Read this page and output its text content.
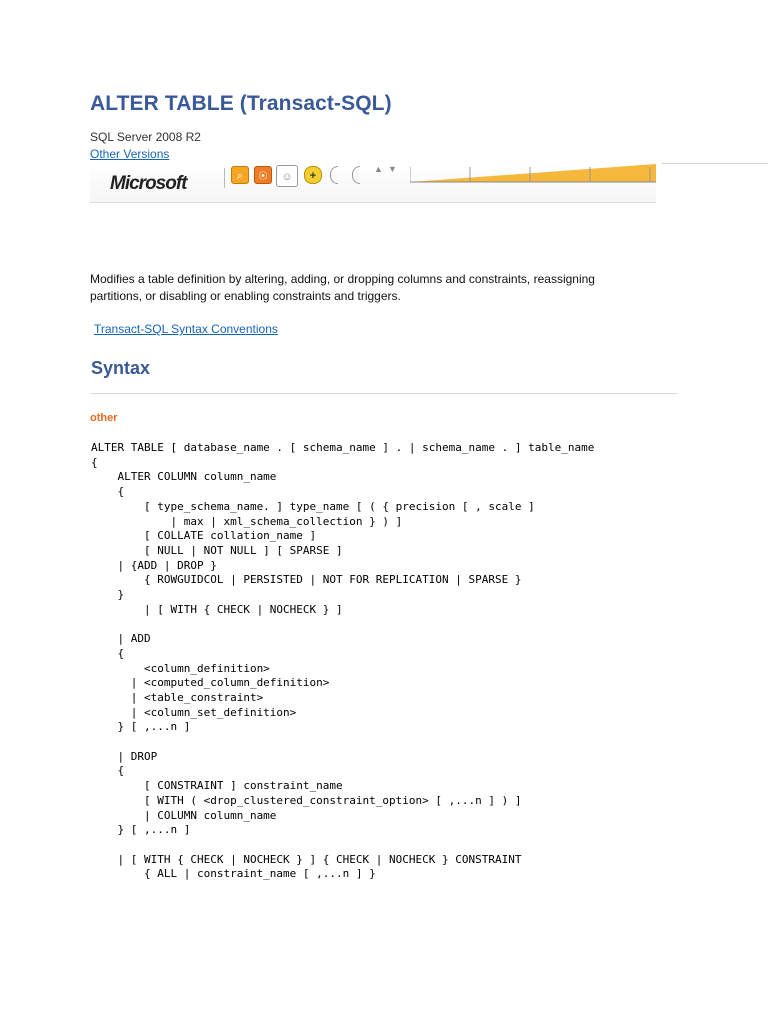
ALTER TABLE (Transact-SQL)
SQL Server 2008 R2
Other Versions
Microsoft	⌕	⦿	☺	+
▲ ▼

Modifies a table definition by altering, adding, or dropping columns and constraints, reassigning partitions, or disabling or enabling constraints and triggers.

Transact-SQL Syntax Conventions
Syntax
other
ALTER TABLE [ database_name . [ schema_name ] . | schema_name . ] table_name
{
ALTER COLUMN column_name
{
[ type_schema_name. ] type_name [ ( { precision [ , scale ]
| max | xml_schema_collection } ) ]
[ COLLATE collation_name ]
[ NULL | NOT NULL ] [ SPARSE ]
| {ADD | DROP }
{ ROWGUIDCOL | PERSISTED | NOT FOR REPLICATION | SPARSE }
}
| [ WITH { CHECK | NOCHECK } ]

| ADD
{
<column_definition>
| <computed_column_definition>
| <table_constraint>
| <column_set_definition>
} [ ,...n ]

| DROP
{
[ CONSTRAINT ] constraint_name
[ WITH ( <drop_clustered_constraint_option> [ ,...n ] ) ]
| COLUMN column_name
} [ ,...n ]

| [ WITH { CHECK | NOCHECK } ] { CHECK | NOCHECK } CONSTRAINT
{ ALL | constraint_name [ ,...n ] }
